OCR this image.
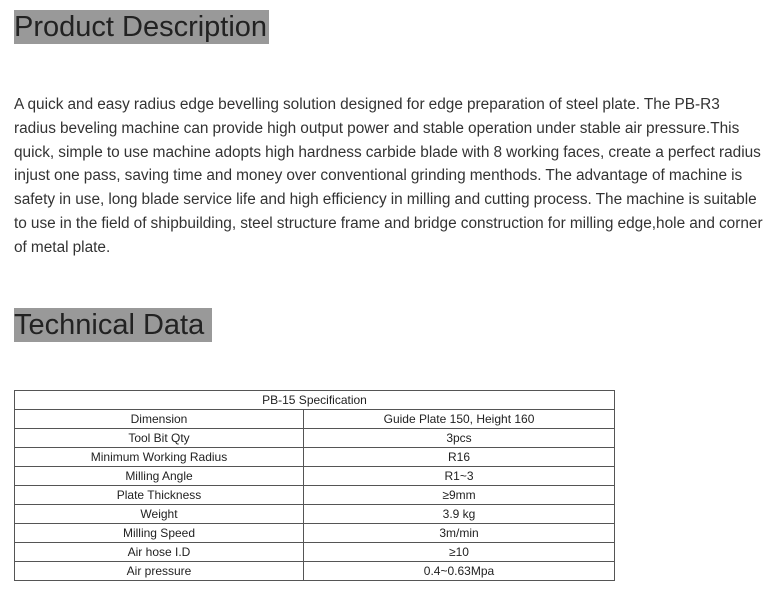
Product Description

A quick and easy radius edge bevelling solution designed for edge preparation of steel plate. The PB-R3 radius beveling machine can provide high output power and stable operation under stable air pressure.This quick, simple to use machine adopts high hardness carbide blade with 8 working faces, create a perfect radius injust one pass, saving time and money over conventional grinding menthods. The advantage of machine is safety in use, long blade service life and high efficiency in milling and cutting process. The machine is suitable to use in the field of shipbuilding, steel structure frame and bridge construction for milling edge,hole and corner of metal plate.

Technical Data
PB-15 Specification	
Dimension	Guide Plate 150, Height 160
Tool Bit Qty	3pcs
Minimum Working Radius	R16
Milling Angle	R1~3
Plate Thickness	≥9mm
Weight	3.9 kg
Milling Speed	3m/min
Air hose I.D	≥10
Air pressure	0.4~0.63Mpa
